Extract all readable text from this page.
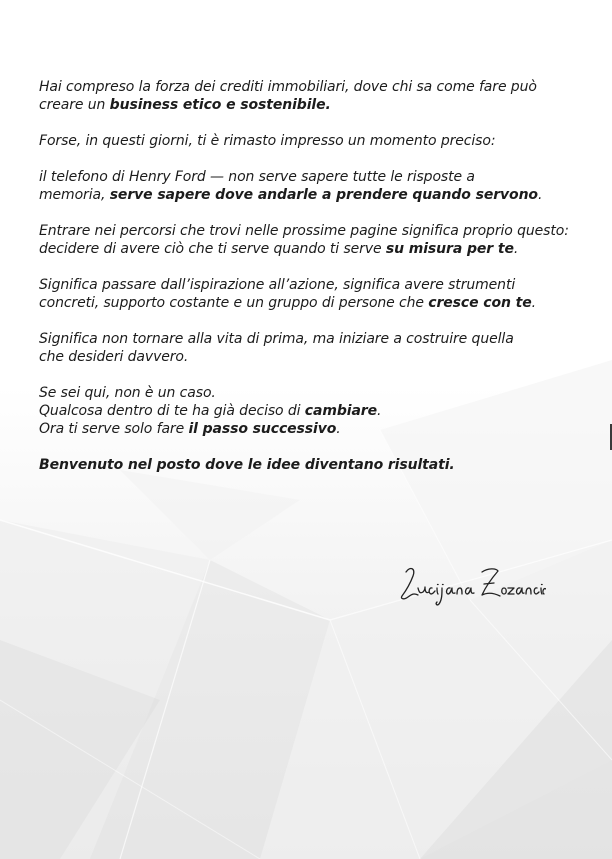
Hai compreso la forza dei crediti immobiliari, dove chi sa come fare può
creare un business etico e sostenibile.

Forse, in questi giorni, ti è rimasto impresso un momento preciso:

il telefono di Henry Ford — non serve sapere tutte le risposte a
memoria, serve sapere dove andarle a prendere quando servono.

Entrare nei percorsi che trovi nelle prossime pagine significa proprio questo:
decidere di avere ciò che ti serve quando ti serve su misura per te.

Significa passare dall’ispirazione all’azione, significa avere strumenti
concreti, supporto costante e un gruppo di persone che cresce con te.

Significa non tornare alla vita di prima, ma iniziare a costruire quella
che desideri davvero.

Se sei qui, non è un caso.
Qualcosa dentro di te ha già deciso di cambiare.
Ora ti serve solo fare il passo successivo.

Benvenuto nel posto dove le idee diventano risultati.
